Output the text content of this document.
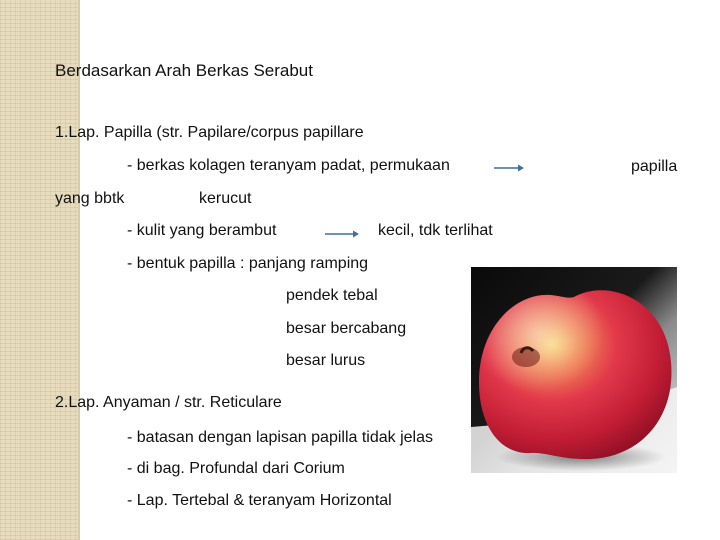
Berdasarkan Arah Berkas Serabut
1.Lap. Papilla (str. Papilare/corpus papillare
- berkas kolagen teranyam padat, permukaan	papilla
yang bbtk	kerucut
- kulit yang berambut	kecil, tdk terlihat
- bentuk papilla : panjang ramping
pendek tebal
besar bercabang
besar lurus
2.Lap. Anyaman / str. Reticulare
- batasan dengan lapisan papilla tidak jelas
- di bag. Profundal dari Corium
- Lap. Tertebal & teranyam Horizontal
